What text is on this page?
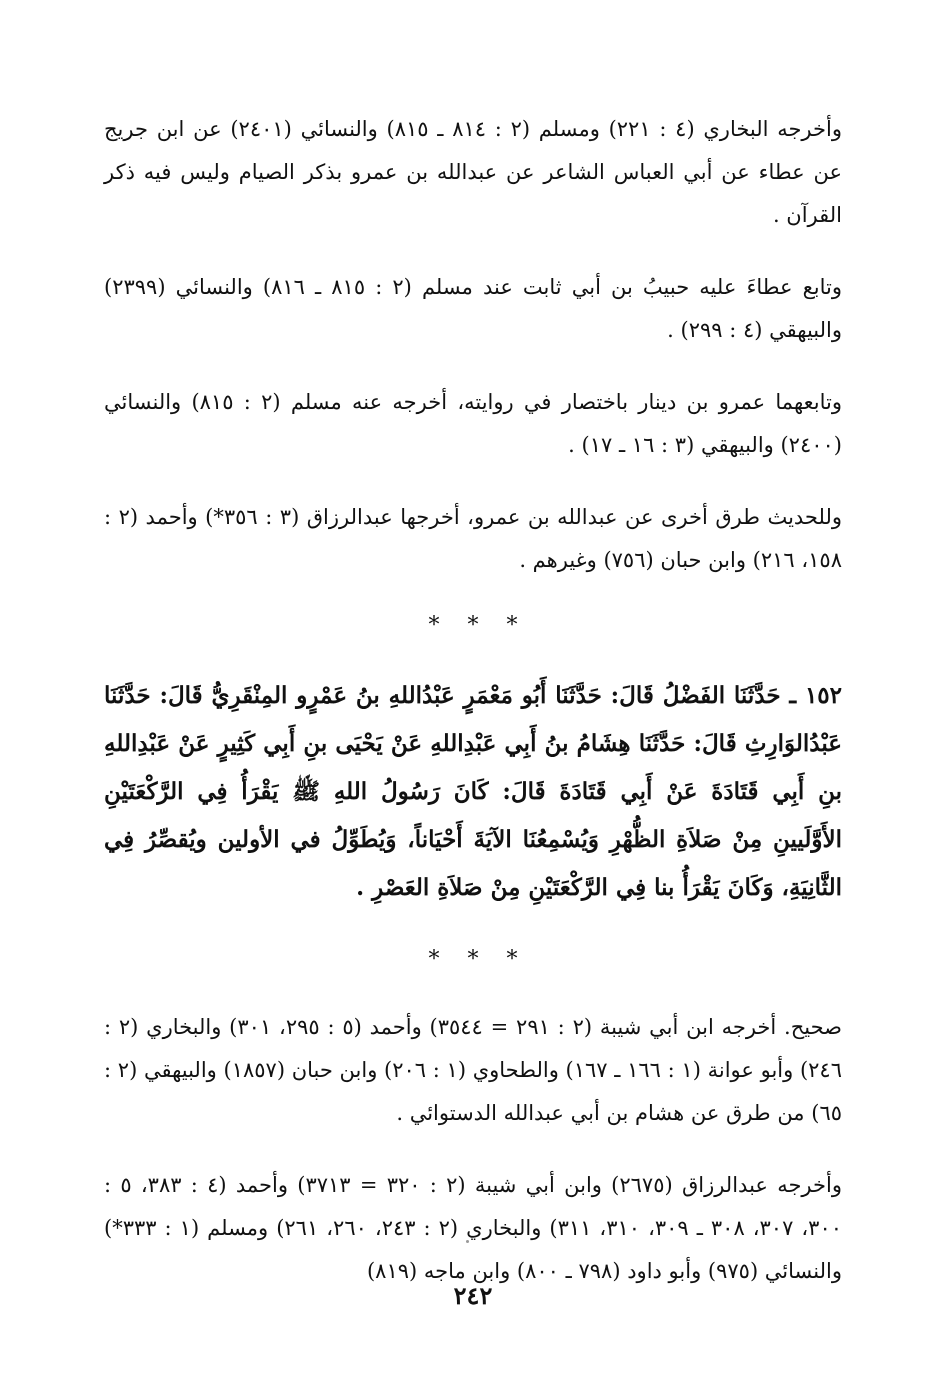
وأخرجه البخاري (٤ : ٢٢١) ومسلم (٢ : ٨١٤ ـ ٨١٥) والنسائي (٢٤٠١) عن ابن جريج عن عطاء عن أبي العباس الشاعر عن عبدالله بن عمرو بذكر الصيام وليس فيه ذكر القرآن .

وتابع عطاءَ عليه حبيبُ بن أبي ثابت عند مسلم (٢ : ٨١٥ ـ ٨١٦) والنسائي (٢٣٩٩) والبيهقي (٤ : ٢٩٩) .

وتابعهما عمرو بن دينار باختصار في روايته، أخرجه عنه مسلم (٢ : ٨١٥) والنسائي (٢٤٠٠) والبيهقي (٣ : ١٦ ـ ١٧) .

وللحديث طرق أخرى عن عبدالله بن عمرو، أخرجها عبدالرزاق (٣ : ٣٥٦*) وأحمد (٢ : ١٥٨، ٢١٦) وابن حبان (٧٥٦) وغيرهم .

* * *

١٥٢ ـ حَدَّثَنَا الفَضْلُ قَالَ: حَدَّثَنَا أَبُو مَعْمَرٍ عَبْدُاللهِ بنُ عَمْرٍو المِنْقَرِيُّ قَالَ: حَدَّثَنَا عَبْدُالوَارِثِ قَالَ: حَدَّثَنَا هِشَامُ بنُ أَبِي عَبْدِاللهِ عَنْ يَحْيَى بنِ أَبِي كَثِيرٍ عَنْ عَبْدِاللهِ بنِ أَبِي قَتَادَةَ عَنْ أَبِي قَتَادَةَ قَالَ: كَانَ رَسُولُ اللهِ ﷺ يَقْرَأُ فِي الرَّكْعَتَيْنِ الأَوَّلَيينِ مِنْ صَلاَةِ الظُّهْرِ وَيُسْمِعُنَا الآيَةَ أَحْيَاناً، وَيُطَوِّلُ في الأولين ويُقصِّرُ فِي الثَّانِيَةِ، وَكَانَ يَقْرَأُ بنا فِي الرَّكْعَتَيْنِ مِنْ صَلاَةِ العَصْرِ .

* * *

صحيح. أخرجه ابن أبي شيبة (٢ : ٢٩١ = ٣٥٤٤) وأحمد (٥ : ٢٩٥، ٣٠١) والبخاري (٢ : ٢٤٦) وأبو عوانة (١ : ١٦٦ ـ ١٦٧) والطحاوي (١ : ٢٠٦) وابن حبان (١٨٥٧) والبيهقي (٢ : ٦٥) من طرق عن هشام بن أبي عبدالله الدستوائي .

وأخرجه عبدالرزاق (٢٦٧٥) وابن أبي شيبة (٢ : ٣٢٠ = ٣٧١٣) وأحمد (٤ : ٣٨٣، ٥ : ٣٠٠، ٣٠٧، ٣٠٨ ـ ٣٠٩، ٣١٠، ٣١١) والبخاري (٢ : ٢٤٣، ٢٦٠، ٢٦١) ومسلم (١ : ٣٣٣*) والنسائي (٩٧٥) وأبو داود (٧٩٨ ـ ٨٠٠) وابن ماجه (٨١٩)

٢٤٢
